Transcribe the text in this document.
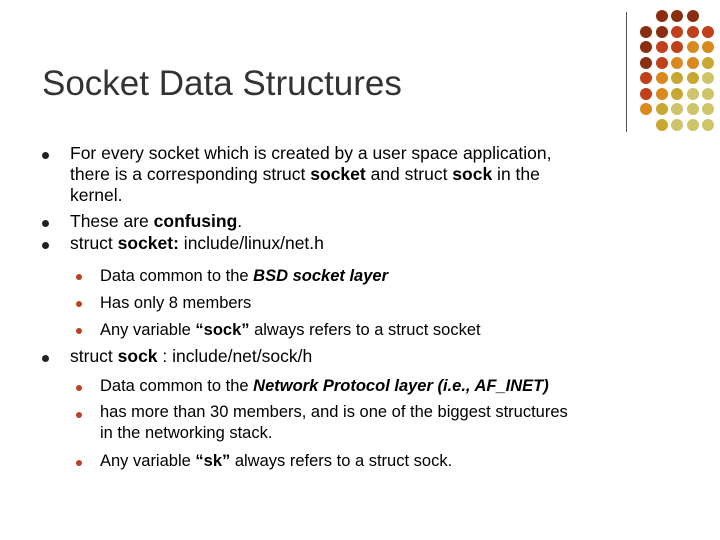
Socket Data Structures
For every socket which is created by a user space application,
there is a corresponding struct socket and struct sock in the
kernel.
These are confusing.
struct socket: include/linux/net.h
Data common to the BSD socket layer
Has only 8 members
Any variable “sock” always refers to a struct socket
struct sock : include/net/sock/h
Data common to the Network Protocol layer (i.e., AF_INET)
has more than 30 members, and is one of the biggest structures
in the networking stack.
Any variable “sk” always refers to a struct sock.
